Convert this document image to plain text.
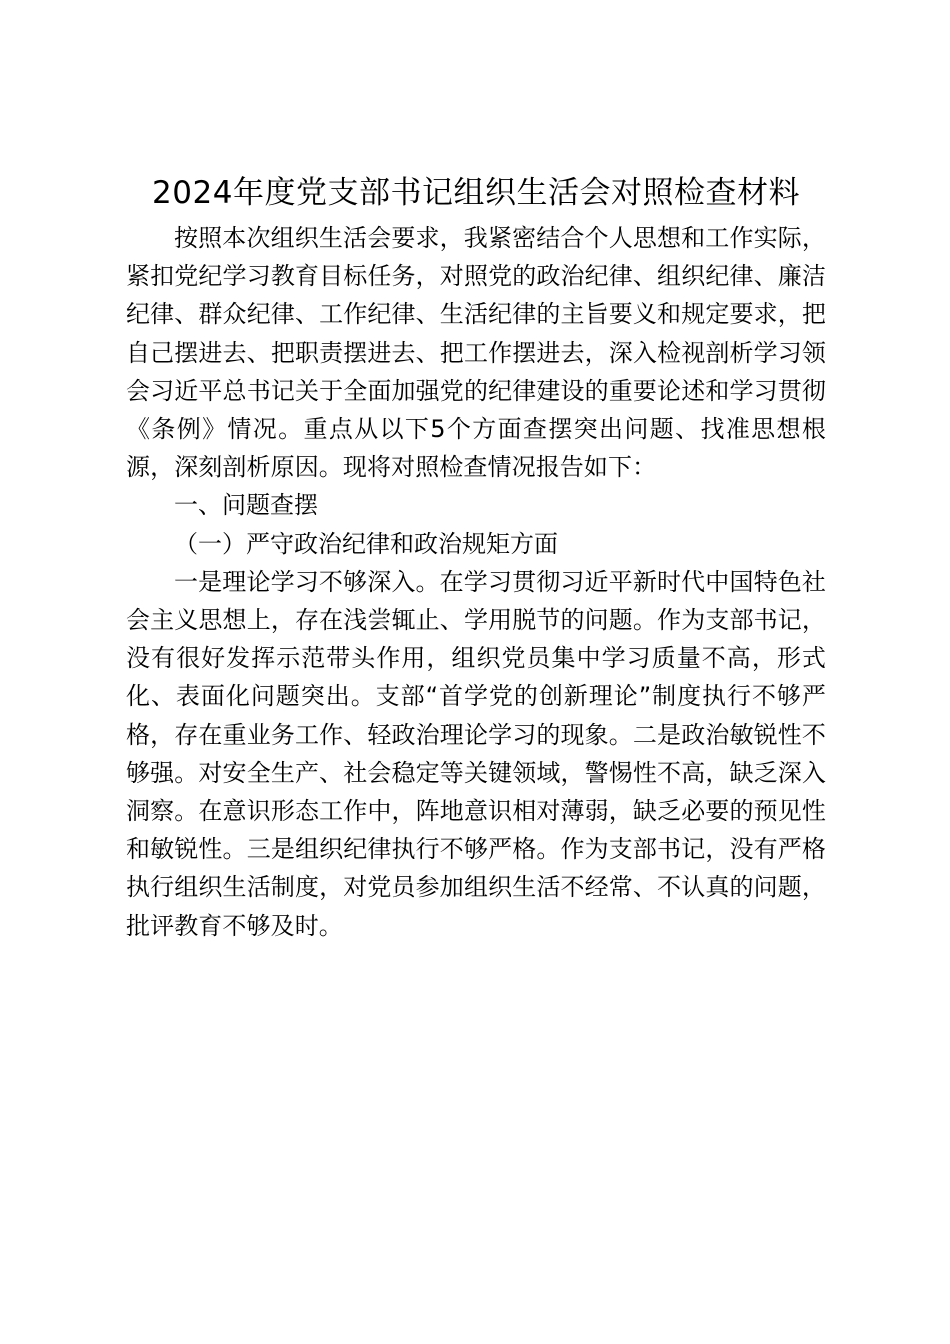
2024年度党支部书记组织生活会对照检查材料

按照本次组织生活会要求，我紧密结合个人思想和工作实际，紧扣党纪学习教育目标任务，对照党的政治纪律、组织纪律、廉洁纪律、群众纪律、工作纪律、生活纪律的主旨要义和规定要求，把自己摆进去、把职责摆进去、把工作摆进去，深入检视剖析学习领会习近平总书记关于全面加强党的纪律建设的重要论述和学习贯彻《条例》情况。重点从以下5个方面查摆突出问题、找准思想根源，深刻剖析原因。现将对照检查情况报告如下：

一、问题查摆

（一）严守政治纪律和政治规矩方面

一是理论学习不够深入。在学习贯彻习近平新时代中国特色社会主义思想上，存在浅尝辄止、学用脱节的问题。作为支部书记，没有很好发挥示范带头作用，组织党员集中学习质量不高，形式化、表面化问题突出。支部“首学党的创新理论”制度执行不够严格，存在重业务工作、轻政治理论学习的现象。二是政治敏锐性不够强。对安全生产、社会稳定等关键领域，警惕性不高，缺乏深入洞察。在意识形态工作中，阵地意识相对薄弱，缺乏必要的预见性和敏锐性。三是组织纪律执行不够严格。作为支部书记，没有严格执行组织生活制度，对党员参加组织生活不经常、不认真的问题，批评教育不够及时。
